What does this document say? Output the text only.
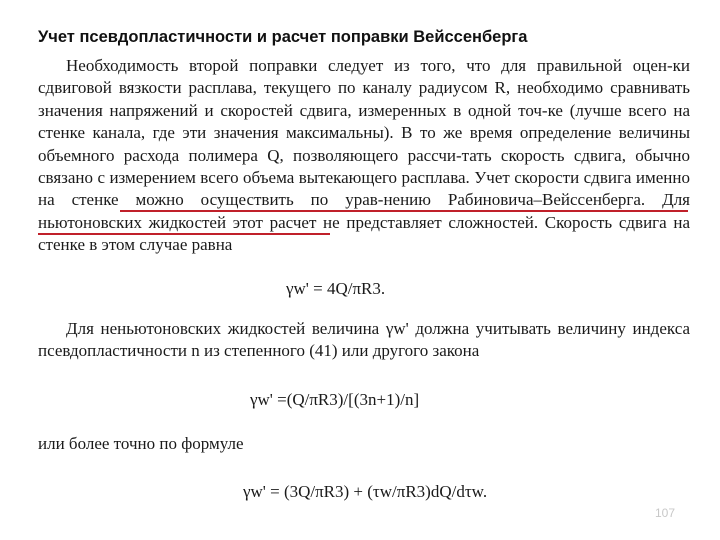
Учет псевдопластичности и расчет поправки Вейссенберга
Необходимость второй поправки следует из того, что для правильной оцен-ки сдвиговой вязкости расплава, текущего по каналу радиусом R, необходимо сравнивать значения напряжений и скоростей сдвига, измеренных в одной точ-ке (лучше всего на стенке канала, где эти значения максимальны). В то же время определение величины объемного расхода полимера Q, позволяющего рассчи-тать скорость сдвига, обычно связано с измерением всего объема вытекающего расплава. Учет скорости сдвига именно на стенке можно осуществить по урав-нению Рабиновича–Вейссенберга. Для ньютоновских жидкостей этот расчет не представляет сложностей. Скорость сдвига на стенке в этом случае равна
γw' = 4Q/πR3.
Для неньютоновских жидкостей величина γw' должна учитывать величину индекса псевдопластичности n из степенного (41) или другого закона
γw' =(Q/πR3)/[(3n+1)/n]
или более точно по формуле
γw' = (3Q/πR3) + (τw/πR3)dQ/dτw.
107
